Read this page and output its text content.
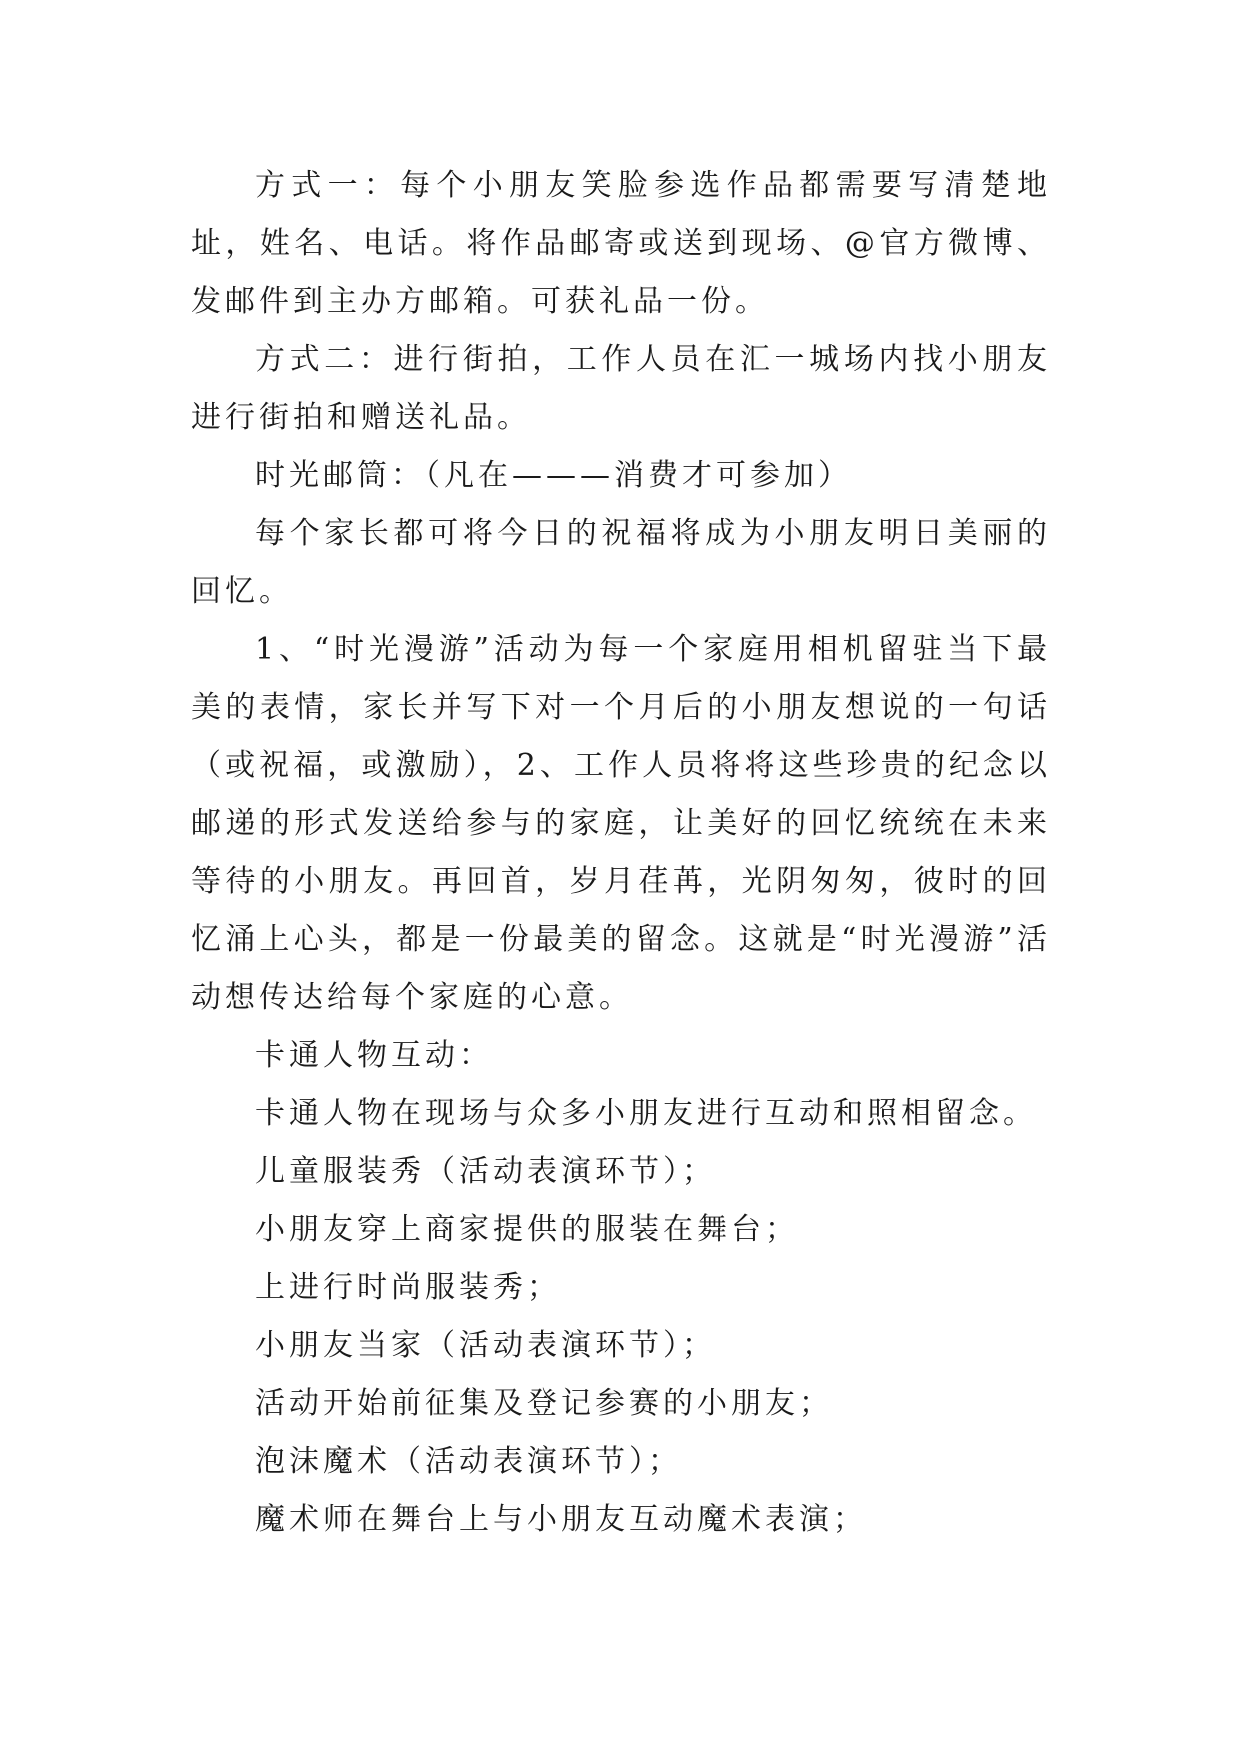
方式一：每个小朋友笑脸参选作品都需要写清楚地址，姓名、电话。将作品邮寄或送到现场、@官方微博、发邮件到主办方邮箱。可获礼品一份。

方式二：进行街拍，工作人员在汇一城场内找小朋友进行街拍和赠送礼品。

时光邮筒：（凡在———消费才可参加）

每个家长都可将今日的祝福将成为小朋友明日美丽的回忆。

1、“时光漫游”活动为每一个家庭用相机留驻当下最美的表情，家长并写下对一个月后的小朋友想说的一句话（或祝福，或激励），2、工作人员将将这些珍贵的纪念以邮递的形式发送给参与的家庭，让美好的回忆统统在未来等待的小朋友。再回首，岁月荏苒，光阴匆匆，彼时的回忆涌上心头，都是一份最美的留念。这就是“时光漫游”活动想传达给每个家庭的心意。

卡通人物互动：

卡通人物在现场与众多小朋友进行互动和照相留念。

儿童服装秀（活动表演环节）；

小朋友穿上商家提供的服装在舞台；

上进行时尚服装秀；

小朋友当家（活动表演环节）；

活动开始前征集及登记参赛的小朋友；

泡沫魔术（活动表演环节）；

魔术师在舞台上与小朋友互动魔术表演；
